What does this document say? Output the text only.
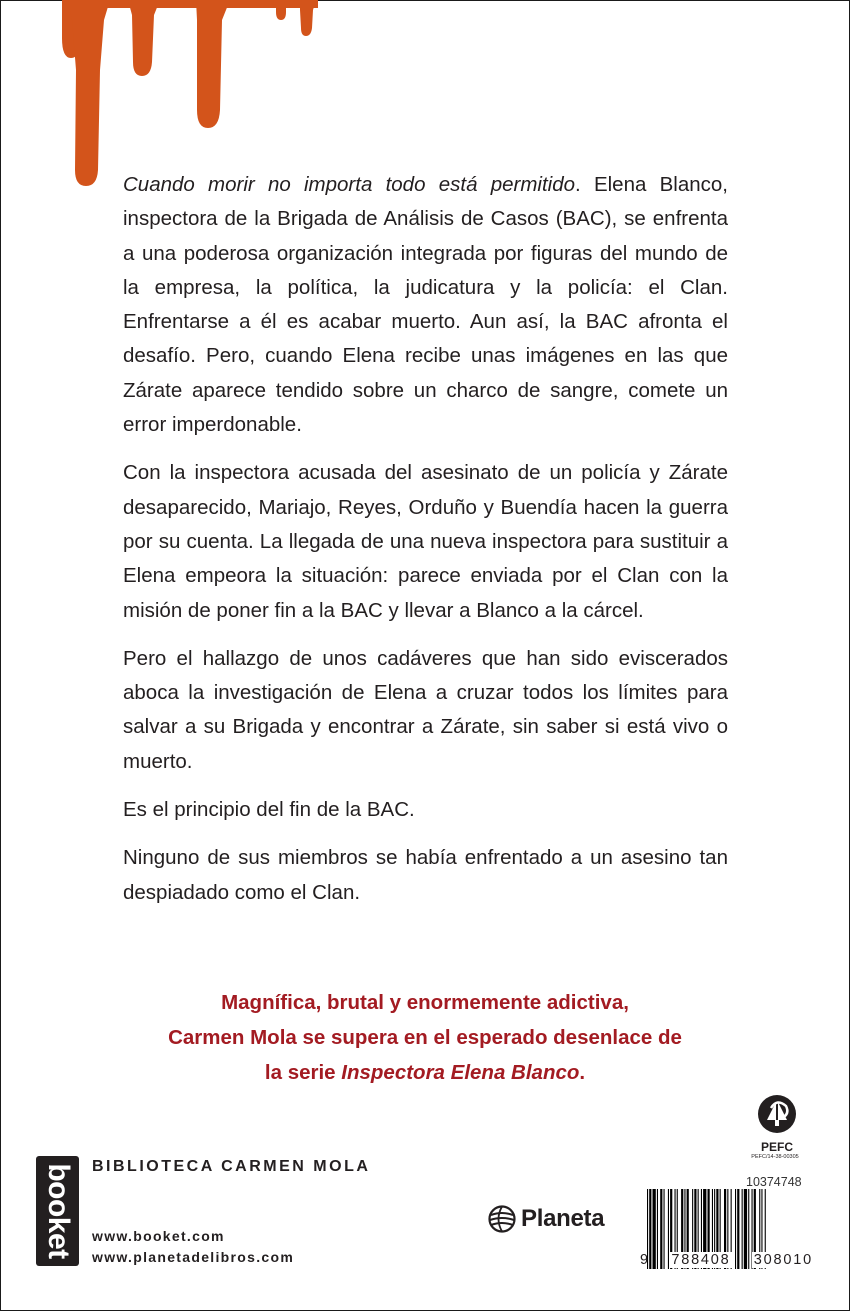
Cuando morir no importa todo está permitido. Elena Blanco, inspectora de la Brigada de Análisis de Casos (BAC), se enfrenta a una poderosa organización integrada por figuras del mundo de la empresa, la política, la judicatura y la policía: el Clan. Enfrentarse a él es acabar muerto. Aun así, la BAC afronta el desafío. Pero, cuando Elena recibe unas imágenes en las que Zárate aparece tendido sobre un charco de sangre, comete un error imperdonable.

Con la inspectora acusada del asesinato de un policía y Zárate desaparecido, Mariajo, Reyes, Orduño y Buendía hacen la guerra por su cuenta. La llegada de una nueva inspectora para sustituir a Elena empeora la situación: parece enviada por el Clan con la misión de poner fin a la BAC y llevar a Blanco a la cárcel.

Pero el hallazgo de unos cadáveres que han sido eviscerados aboca la investigación de Elena a cruzar todos los límites para salvar a su Brigada y encontrar a Zárate, sin saber si está vivo o muerto.

Es el principio del fin de la BAC.

Ninguno de sus miembros se había enfrentado a un asesino tan despiadado como el Clan.

Magnífica, brutal y enormemente adictiva,
Carmen Mola se supera en el esperado desenlace de
la serie Inspectora Elena Blanco.
booket BIBLIOTECA CARMEN MOLA
www.booket.com
www.planetadelibros.com
Planeta
PEFC
PEFC/14-38-00305
10374748
9 788408 308010
